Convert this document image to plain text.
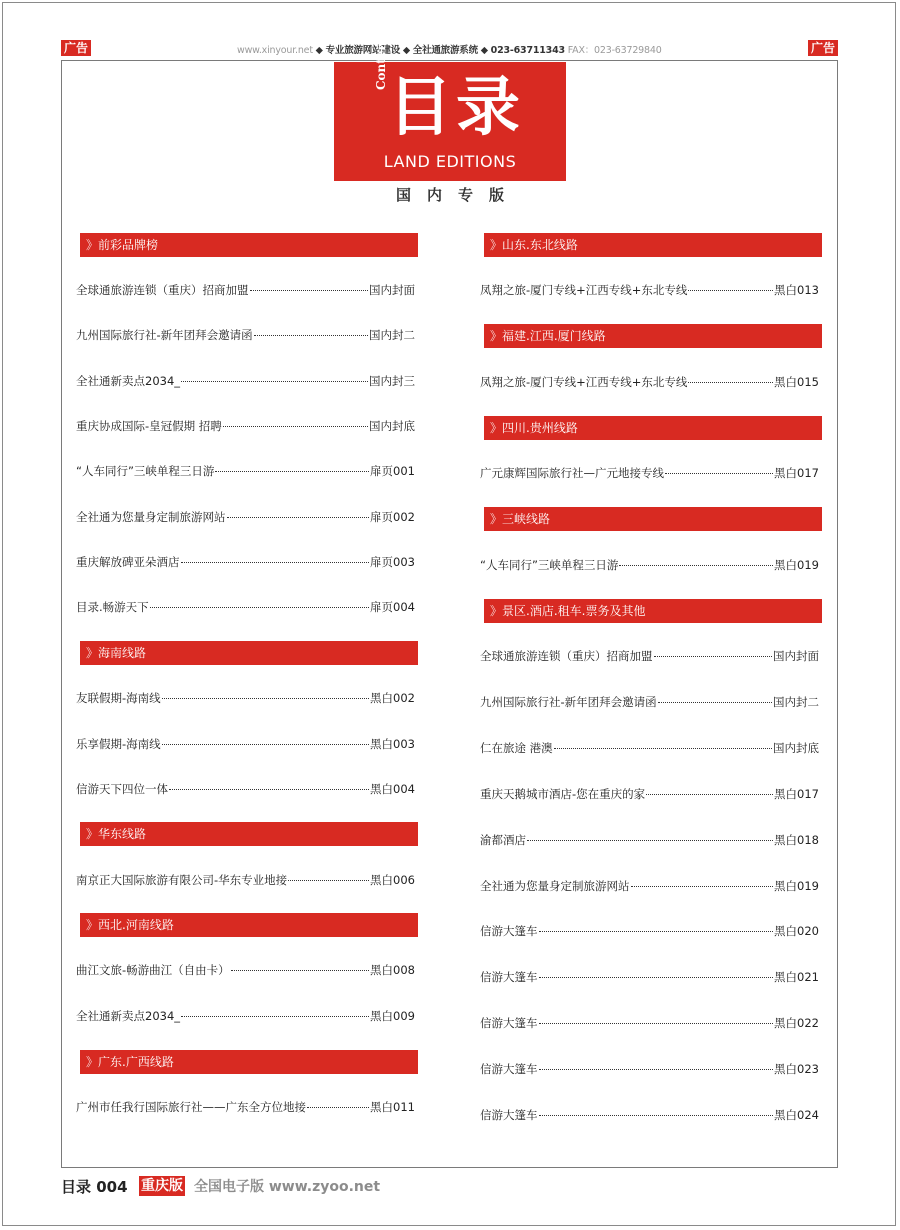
广告	广告
www.xinyour.net ◆ 专业旅游网站建设 ◆ 全社通旅游系统 ◆ 023-63711343 FAX：023-63729840
Contents
目录
LAND EDITIONS
国内专版
》前彩品牌榜
全球通旅游连锁（重庆）招商加盟	国内封面
九州国际旅行社-新年团拜会邀请函	国内封二
全社通新卖点2034_	国内封三
重庆协成国际-皇冠假期 招聘	国内封底
“人车同行”三峡单程三日游	扉页001
全社通为您量身定制旅游网站	扉页002
重庆解放碑亚朵酒店	扉页003
目录.畅游天下	扉页004
》海南线路
友联假期-海南线	黑白002
乐享假期-海南线	黑白003
信游天下四位一体	黑白004
》华东线路
南京正大国际旅游有限公司-华东专业地接	黑白006
》西北.河南线路
曲江文旅-畅游曲江（自由卡）	黑白008
全社通新卖点2034_	黑白009
》广东.广西线路
广州市任我行国际旅行社——广东全方位地接	黑白011
》山东.东北线路
凤翔之旅-厦门专线+江西专线+东北专线	黑白013
》福建.江西.厦门线路
凤翔之旅-厦门专线+江西专线+东北专线	黑白015
》四川.贵州线路
广元康辉国际旅行社—广元地接专线	黑白017
》三峡线路
“人车同行”三峡单程三日游	黑白019
》景区.酒店.租车.票务及其他
全球通旅游连锁（重庆）招商加盟	国内封面
九州国际旅行社-新年团拜会邀请函	国内封二
仁在旅途 港澳	国内封底
重庆天鹅城市酒店-您在重庆的家	黑白017
渝都酒店	黑白018
全社通为您量身定制旅游网站	黑白019
信游大篷车	黑白020
信游大篷车	黑白021
信游大篷车	黑白022
信游大篷车	黑白023
信游大篷车	黑白024
目录 004 重庆版 全国电子版 www.zyoo.net
